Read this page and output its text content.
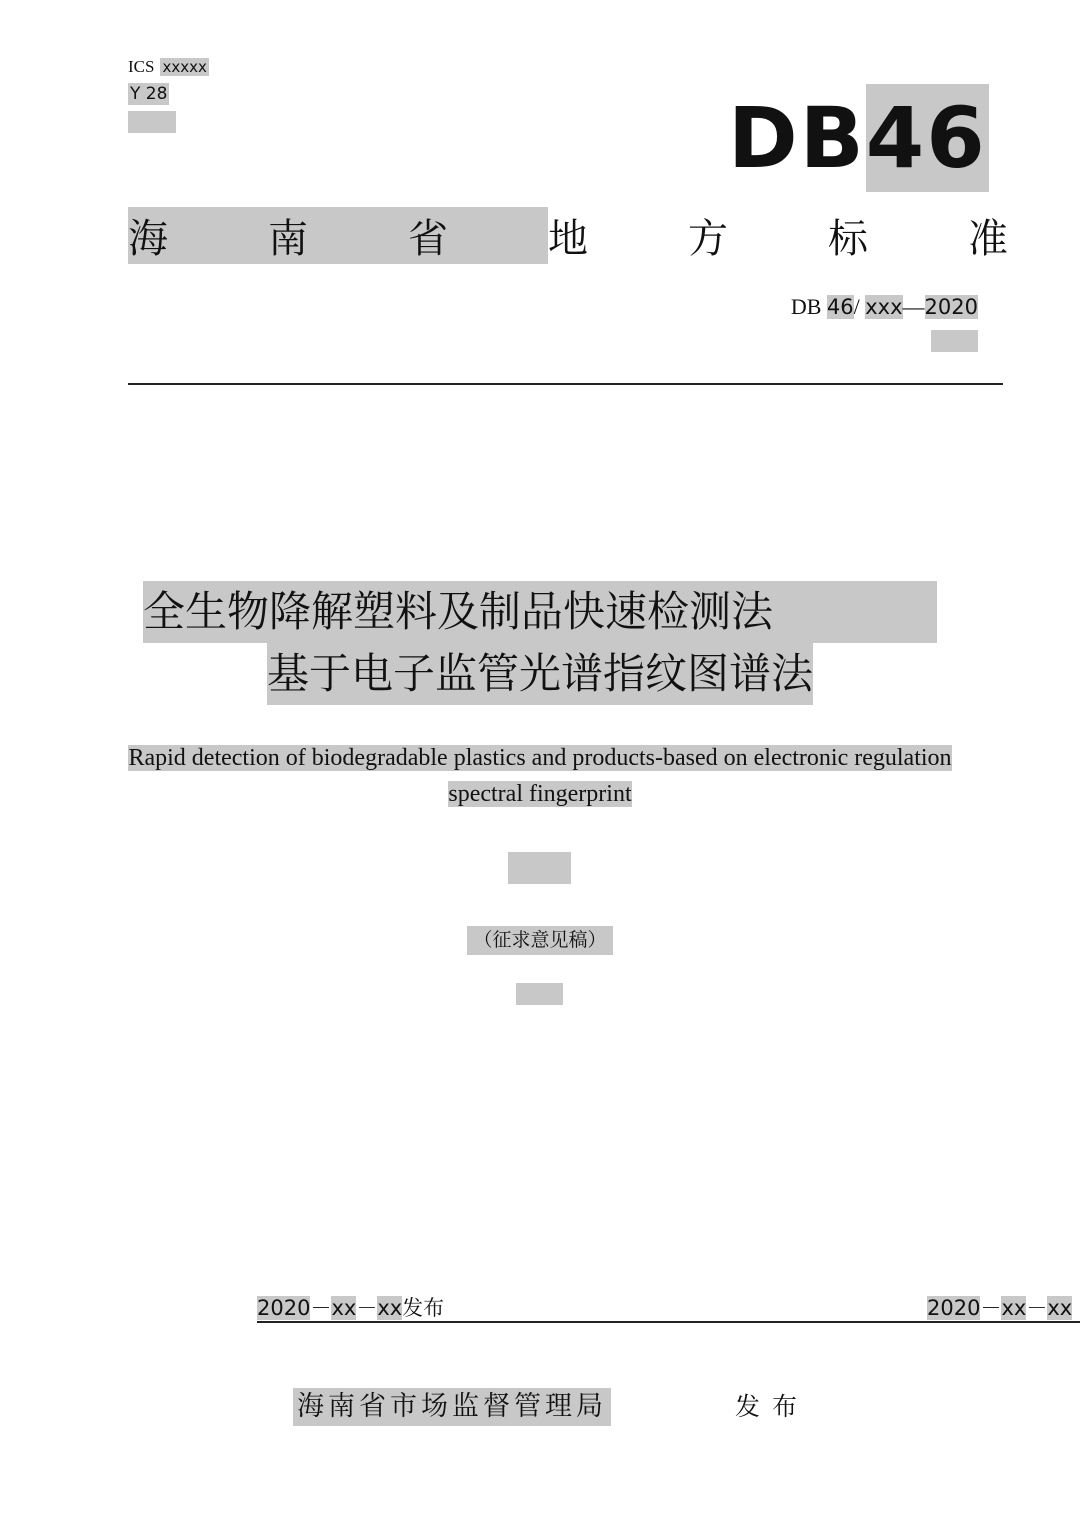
ICS xxxxx
Y 28	DB 46
海	南	省	地	方	标	准
DB 46/ xxx—2020
全生物降解塑料及制品快速检测法
基于电子监管光谱指纹图谱法
Rapid detection of biodegradable plastics and products-based on electronic regulation
spectral fingerprint
（征求意见稿）
2020－xx－xx发布	2020－xx－xx
海南省市场监督管理局	发布
